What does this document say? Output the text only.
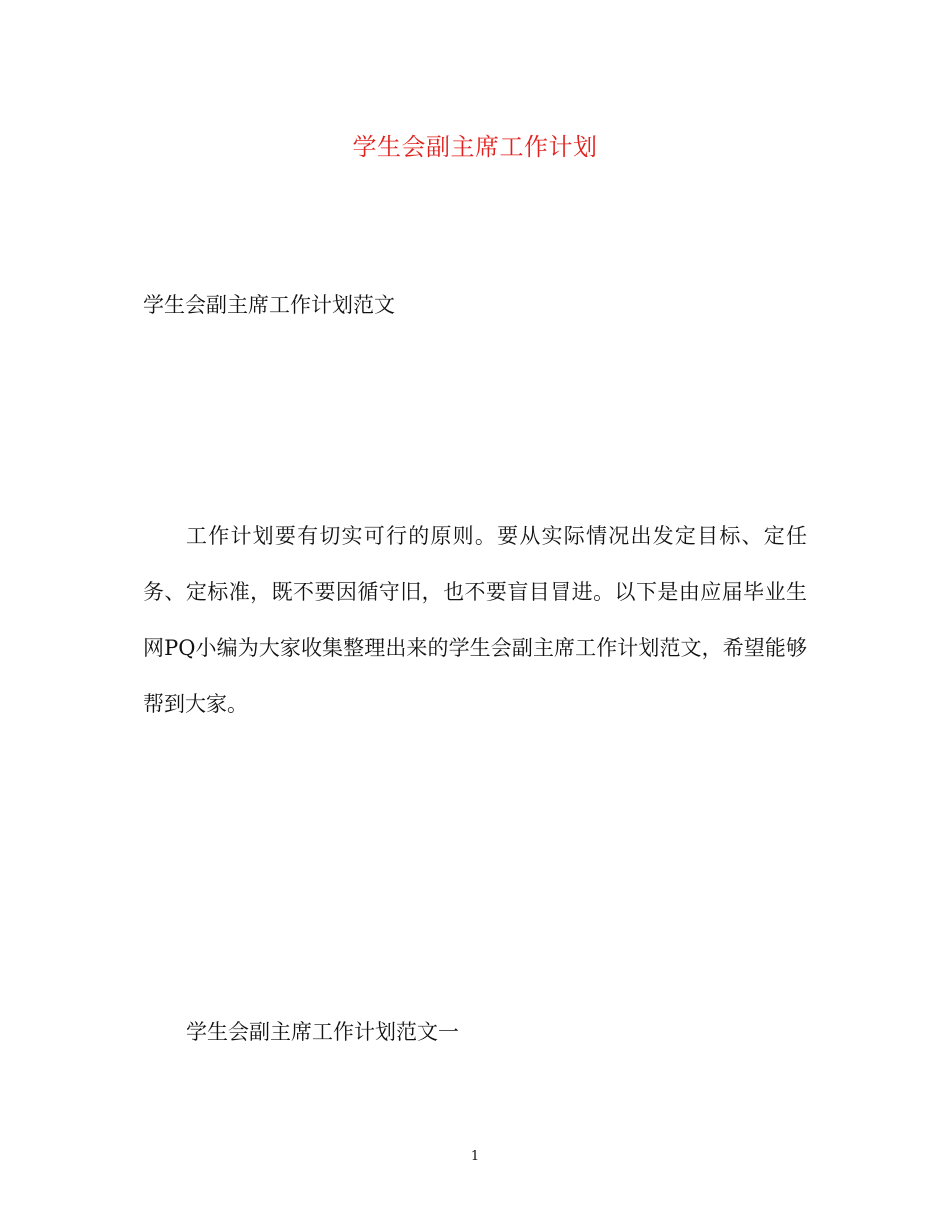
学生会副主席工作计划
学生会副主席工作计划范文
工作计划要有切实可行的原则。要从实际情况出发定目标、定任务、定标准，既不要因循守旧，也不要盲目冒进。以下是由应届毕业生网PQ小编为大家收集整理出来的学生会副主席工作计划范文，希望能够帮到大家。
学生会副主席工作计划范文一
1
